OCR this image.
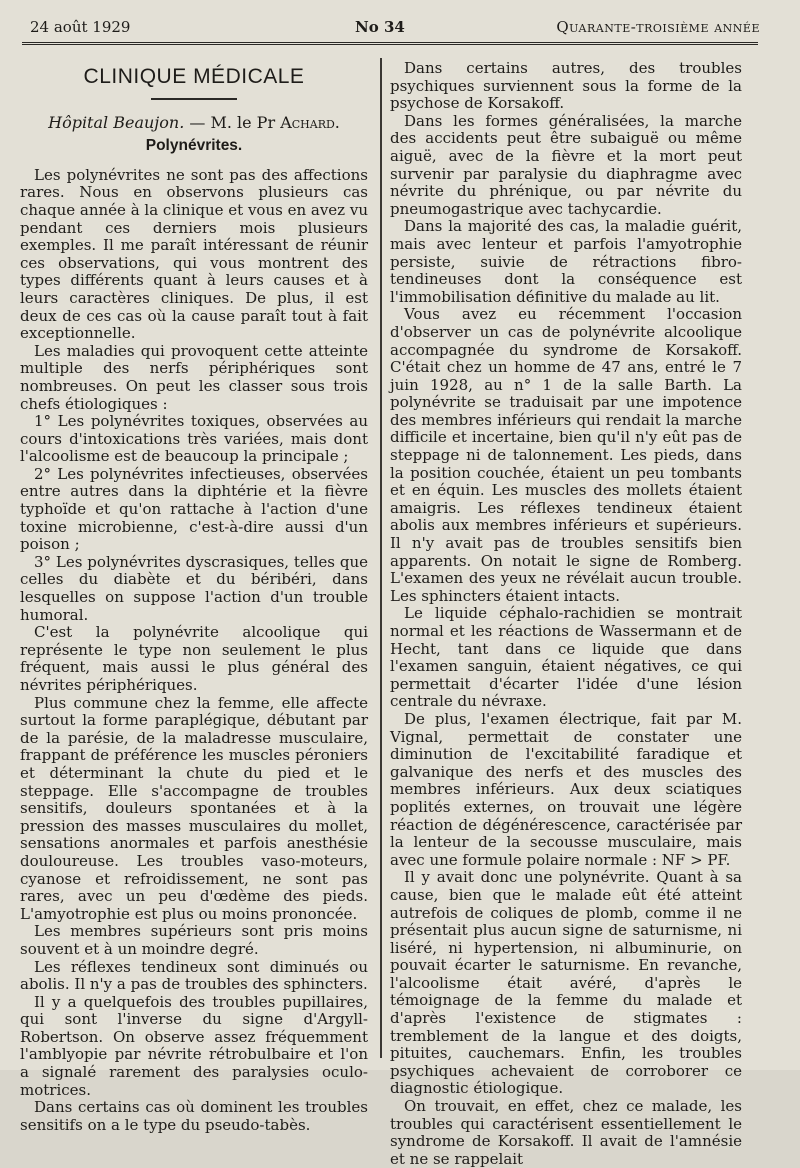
24 août 1929	No 34	Quarante-troisième année
CLINIQUE MÉDICALE
Hôpital Beaujon. — M. le Pr Achard.
Polynévrites.

Les polynévrites ne sont pas des affections rares. Nous en observons plusieurs cas chaque année à la clinique et vous en avez vu pendant ces derniers mois plusieurs exemples. Il me paraît intéressant de réunir ces observations, qui vous montrent des types différents quant à leurs causes et à leurs caractères cliniques. De plus, il est deux de ces cas où la cause paraît tout à fait exceptionnelle.

Les maladies qui provoquent cette atteinte multiple des nerfs périphériques sont nombreuses. On peut les classer sous trois chefs étiologiques :

1° Les polynévrites toxiques, observées au cours d'intoxications très variées, mais dont l'alcoolisme est de beaucoup la principale ;

2° Les polynévrites infectieuses, observées entre autres dans la diphtérie et la fièvre typhoïde et qu'on rattache à l'action d'une toxine microbienne, c'est-à-dire aussi d'un poison ;

3° Les polynévrites dyscrasiques, telles que celles du diabète et du béribéri, dans lesquelles on suppose l'action d'un trouble humoral.

C'est la polynévrite alcoolique qui représente le type non seulement le plus fréquent, mais aussi le plus général des névrites périphériques.

Plus commune chez la femme, elle affecte surtout la forme paraplégique, débutant par de la parésie, de la maladresse musculaire, frappant de préférence les muscles péroniers et déterminant la chute du pied et le steppage. Elle s'accompagne de troubles sensitifs, douleurs spontanées et à la pression des masses musculaires du mollet, sensations anormales et parfois anesthésie douloureuse. Les troubles vaso-moteurs, cyanose et refroidissement, ne sont pas rares, avec un peu d'œdème des pieds. L'amyotrophie est plus ou moins prononcée.

Les membres supérieurs sont pris moins souvent et à un moindre degré.

Les réflexes tendineux sont diminués ou abolis. Il n'y a pas de troubles des sphincters.

Il y a quelquefois des troubles pupillaires, qui sont l'inverse du signe d'Argyll-Robertson. On observe assez fréquemment l'amblyopie par névrite rétrobulbaire et l'on a signalé rarement des paralysies oculo-motrices.

Dans certains cas où dominent les troubles sensitifs on a le type du pseudo-tabès.

Dans certains autres, des troubles psychiques surviennent sous la forme de la psychose de Korsakoff.

Dans les formes généralisées, la marche des accidents peut être subaiguë ou même aiguë, avec de la fièvre et la mort peut survenir par paralysie du diaphragme avec névrite du phrénique, ou par névrite du pneumogastrique avec tachycardie.

Dans la majorité des cas, la maladie guérit, mais avec lenteur et parfois l'amyotrophie persiste, suivie de rétractions fibro-tendineuses dont la conséquence est l'immobilisation définitive du malade au lit.

Vous avez eu récemment l'occasion d'observer un cas de polynévrite alcoolique accompagnée du syndrome de Korsakoff. C'était chez un homme de 47 ans, entré le 7 juin 1928, au n° 1 de la salle Barth. La polynévrite se traduisait par une impotence des membres inférieurs qui rendait la marche difficile et incertaine, bien qu'il n'y eût pas de steppage ni de talonnement. Les pieds, dans la position couchée, étaient un peu tombants et en équin. Les muscles des mollets étaient amaigris. Les réflexes tendineux étaient abolis aux membres inférieurs et supérieurs. Il n'y avait pas de troubles sensitifs bien apparents. On notait le signe de Romberg. L'examen des yeux ne révélait aucun trouble. Les sphincters étaient intacts.

Le liquide céphalo-rachidien se montrait normal et les réactions de Wassermann et de Hecht, tant dans ce liquide que dans l'examen sanguin, étaient négatives, ce qui permettait d'écarter l'idée d'une lésion centrale du névraxe.

De plus, l'examen électrique, fait par M. Vignal, permettait de constater une diminution de l'excitabilité faradique et galvanique des nerfs et des muscles des membres inférieurs. Aux deux sciatiques poplités externes, on trouvait une légère réaction de dégénérescence, caractérisée par la lenteur de la secousse musculaire, mais avec une formule polaire normale : NF > PF.

Il y avait donc une polynévrite. Quant à sa cause, bien que le malade eût été atteint autrefois de coliques de plomb, comme il ne présentait plus aucun signe de saturnisme, ni liséré, ni hypertension, ni albuminurie, on pouvait écarter le saturnisme. En revanche, l'alcoolisme était avéré, d'après le témoignage de la femme du malade et d'après l'existence de stigmates : tremblement de la langue et des doigts, pituites, cauchemars. Enfin, les troubles psychiques achevaient de corroborer ce diagnostic étiologique.

On trouvait, en effet, chez ce malade, les troubles qui caractérisent essentiellement le syndrome de Korsakoff. Il avait de l'amnésie et ne se rappelait
